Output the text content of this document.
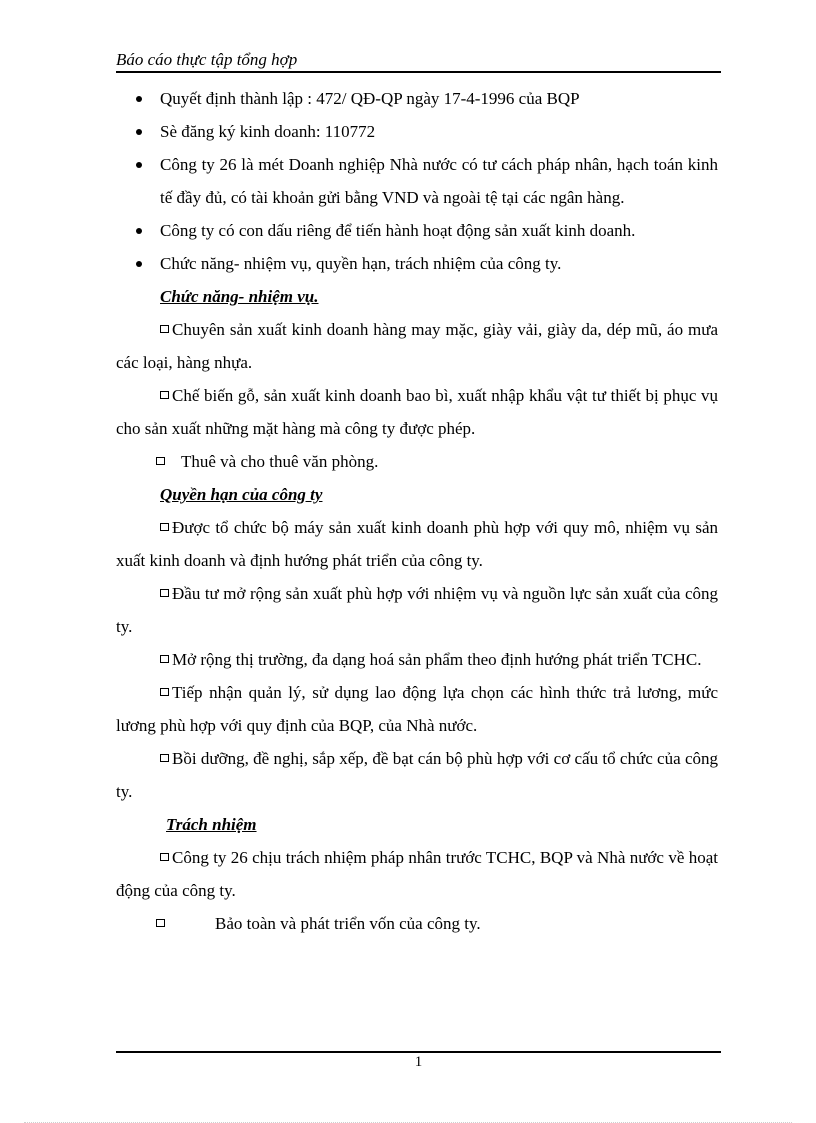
Báo cáo thực tập tổng hợp
Quyết định thành lập : 472/ QĐ-QP ngày 17-4-1996 của BQP
Sè đăng ký kinh doanh: 110772
Công ty 26 là mét Doanh nghiệp Nhà nước có tư cách pháp nhân, hạch toán kinh tế đầy đủ, có tài khoản gửi bằng VND và ngoài tệ tại các ngân hàng.
Công ty có con dấu riêng để tiến hành hoạt động sản xuất kinh doanh.
Chức năng- nhiệm vụ, quyền hạn, trách nhiệm của công ty.

Chức năng- nhiệm vụ.

Chuyên sản xuất kinh doanh hàng may mặc, giày vải, giày da, dép mũ, áo mưa các loại, hàng nhựa.

Chế biến gỗ, sản xuất kinh doanh bao bì, xuất nhập khẩu vật tư thiết bị phục vụ cho sản xuất những mặt hàng mà công ty được phép.

Thuê và cho thuê văn phòng.

Quyền hạn của công ty

Được tổ chức bộ máy sản xuất kinh doanh phù hợp với quy mô, nhiệm vụ sản xuất kinh doanh và định hướng phát triển của công ty.

Đầu tư mở rộng sản xuất phù hợp với nhiệm vụ và nguồn lực sản xuất của công ty.

Mở rộng thị trường, đa dạng hoá sản phẩm theo định hướng phát triển TCHC.

Tiếp nhận quản lý, sử dụng lao động lựa chọn các hình thức trả lương, mức lương phù hợp với quy định của BQP, của Nhà nước.

Bồi dưỡng, đề nghị, sắp xếp, đề bạt cán bộ phù hợp với cơ cấu tổ chức của công ty.

Trách nhiệm

Công ty 26 chịu trách nhiệm pháp nhân trước TCHC, BQP và Nhà nước về hoạt động của công ty.

Bảo toàn và phát triển vốn của công ty.

1
